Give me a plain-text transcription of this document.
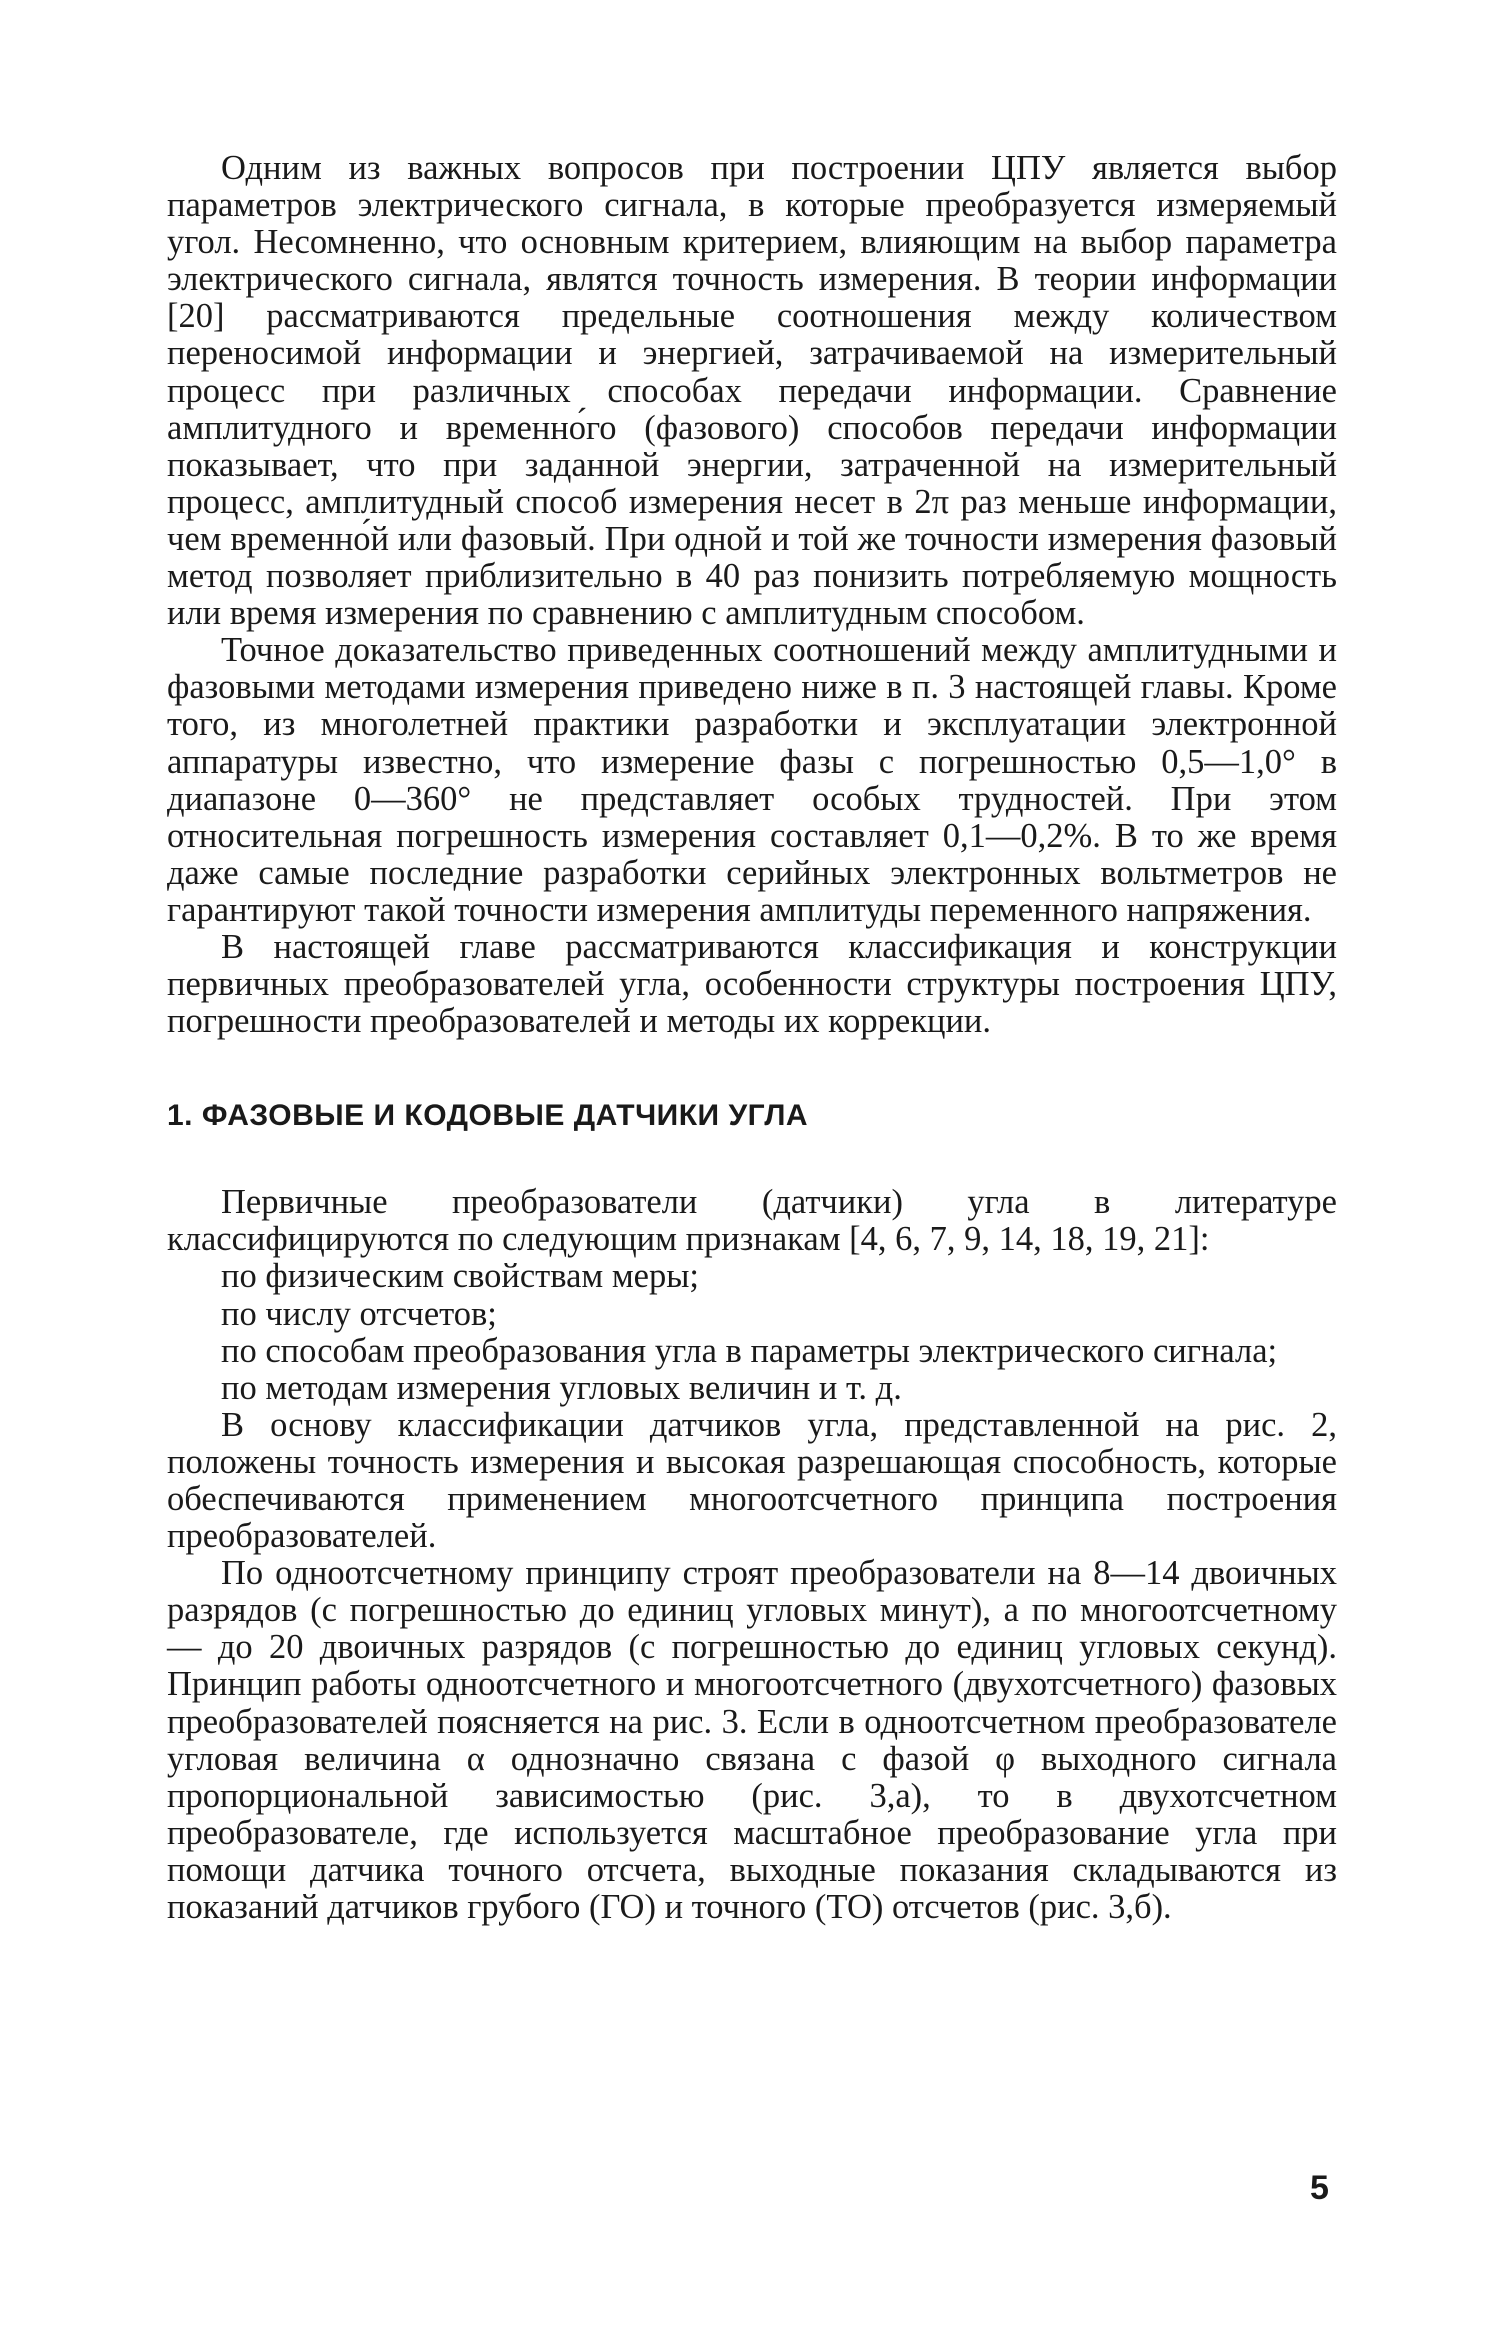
Одним из важных вопросов при построении ЦПУ является выбор параметров электрического сигнала, в которые преобразуется измеряемый угол. Несомненно, что основным критерием, влияющим на выбор параметра электрического сигнала, являтся точность измерения. В теории информации [20] рассматриваются предельные соотношения между количеством переносимой информации и энергией, затрачиваемой на измерительный процесс при различных способах передачи информации. Сравнение амплитудного и временно́го (фазового) способов передачи информации показывает, что при заданной энергии, затраченной на измерительный процесс, амплитудный способ измерения несет в 2π раз меньше информации, чем временно́й или фазовый. При одной и той же точности измерения фазовый метод позволяет приблизительно в 40 раз понизить потребляемую мощность или время измерения по сравнению с амплитудным способом.

Точное доказательство приведенных соотношений между амплитудными и фазовыми методами измерения приведено ниже в п. 3 настоящей главы. Кроме того, из многолетней практики разработки и эксплуатации электронной аппаратуры известно, что измерение фазы с погрешностью 0,5—1,0° в диапазоне 0—360° не представляет особых трудностей. При этом относительная погрешность измерения составляет 0,1—0,2%. В то же время даже самые последние разработки серийных электронных вольтметров не гарантируют такой точности измерения амплитуды переменного напряжения.

В настоящей главе рассматриваются классификация и конструкции первичных преобразователей угла, особенности структуры построения ЦПУ, погрешности преобразователей и методы их коррекции.

1. ФАЗОВЫЕ И КОДОВЫЕ ДАТЧИКИ УГЛА

Первичные преобразователи (датчики) угла в литературе классифицируются по следующим признакам [4, 6, 7, 9, 14, 18, 19, 21]:

по физическим свойствам меры;

по числу отсчетов;

по способам преобразования угла в параметры электрического сигнала;

по методам измерения угловых величин и т. д.

В основу классификации датчиков угла, представленной на рис. 2, положены точность измерения и высокая разрешающая способность, которые обеспечиваются применением многоотсчетного принципа построения преобразователей.

По одноотсчетному принципу строят преобразователи на 8—14 двоичных разрядов (с погрешностью до единиц угловых минут), а по многоотсчетному — до 20 двоичных разрядов (с погрешностью до единиц угловых секунд). Принцип работы одноотсчетного и многоотсчетного (двухотсчетного) фазовых преобразователей поясняется на рис. 3. Если в одноотсчетном преобразователе угловая величина α однозначно связана с фазой φ выходного сигнала пропорциональной зависимостью (рис. 3,а), то в двухотсчетном преобразователе, где используется масштабное преобразование угла при помощи датчика точного отсчета, выходные показания складываются из показаний датчиков грубого (ГО) и точного (ТО) отсчетов (рис. 3,б).

5
